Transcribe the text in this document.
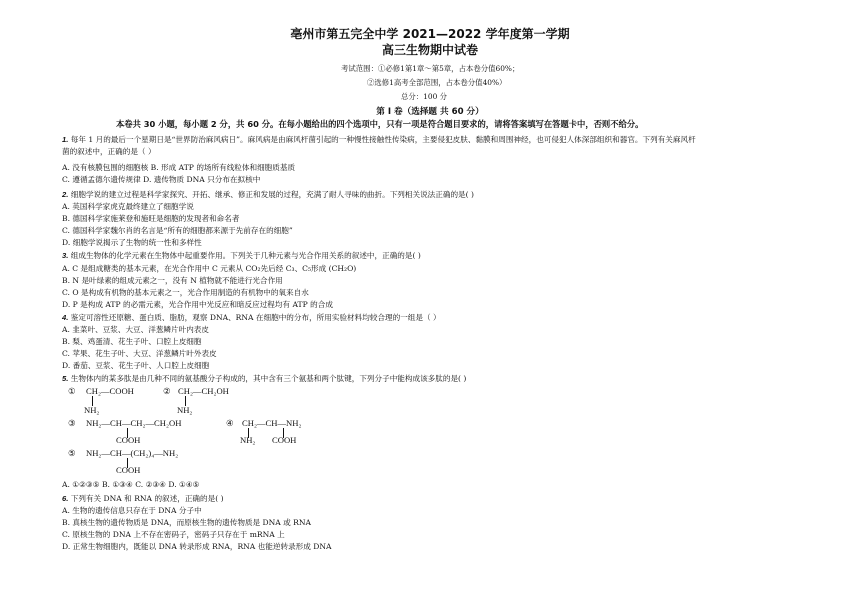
亳州市第五完全中学 2021—2022 学年度第一学期
高三生物期中试卷
考试范围：①必修1第1章～第5章，占本卷分值60%；
②选修1高考全部范围，占本卷分值40%）
总分：100 分
第 I 卷（选择题 共 60 分）
本卷共 30 小题，每小题 2 分，共 60 分。在每小题给出的四个选项中，只有一项是符合题目要求的，请将答案填写在答题卡中，否则不给分。
1. 每年 1 月的最后一个星期日是“世界防治麻风病日”。麻风病是由麻风杆菌引起的一种慢性接触性传染病，主要侵犯皮肤、黏膜和周围神经，也可侵犯人体深部组织和器官。下列有关麻风杆
菌的叙述中，正确的是（ ）
A. 没有核膜包围的细胞核 B. 形成 ATP 的场所有线粒体和细胞质基质
C. 遵循孟德尔遗传规律 D. 遗传物质 DNA 只分布在拟核中
2. 细胞学说的建立过程是科学家探究、开拓、继承、修正和发展的过程，充满了耐人寻味的曲折。下列相关说法正确的是( )
A. 英国科学家虎克最终建立了细胞学说
B. 德国科学家施莱登和施旺是细胞的发现者和命名者
C. 德国科学家魏尔肖的名言是“所有的细胞都来源于先前存在的细胞”
D. 细胞学说揭示了生物的统一性和多样性
3. 组成生物体的化学元素在生物体中起重要作用。下列关于几种元素与光合作用关系的叙述中，正确的是( )
A. C 是组成糖类的基本元素，在光合作用中 C 元素从 CO₂先后经 C₃、C₅形成 (CH₂O)
B. N 是叶绿素的组成元素之一，没有 N 植物就不能进行光合作用
C. O 是构成有机物的基本元素之一，光合作用制造的有机物中的氧来自水
D. P 是构成 ATP 的必需元素，光合作用中光反应和暗反应过程均有 ATP 的合成
4. 鉴定可溶性还原糖、蛋白质、脂肪，观察 DNA、RNA 在细胞中的分布，所用实验材料均较合理的一组是（ ）
A. 韭菜叶、豆浆、大豆、洋葱鳞片叶内表皮
B. 梨、鸡蛋清、花生子叶、口腔上皮细胞
C. 苹果、花生子叶、大豆、洋葱鳞片叶外表皮
D. 番茄、豆浆、花生子叶、人口腔上皮细胞
5. 生物体内的某多肽是由几种不同的氨基酸分子构成的，其中含有三个氨基和两个肽键，下列分子中能构成该多肽的是( )
① CH₂—COOH
NH₂
② CH₂—CH₂OH
NH₂
③ NH₂—CH—CH₂—CH₂OH
COOH
④ CH₂—CH—NH₂
NH₂ COOH
⑤ NH₂—CH—(CH₂)₄—NH₂
COOH
A. ①②③⑤ B. ①③④ C. ②③④ D. ①④⑤
6. 下列有关 DNA 和 RNA 的叙述，正确的是( )
A. 生物的遗传信息只存在于 DNA 分子中
B. 真核生物的遗传物质是 DNA，而原核生物的遗传物质是 DNA 或 RNA
C. 原核生物的 DNA 上不存在密码子，密码子只存在于 mRNA 上
D. 正常生物细胞内，既能以 DNA 转录形成 RNA，RNA 也能逆转录形成 DNA
